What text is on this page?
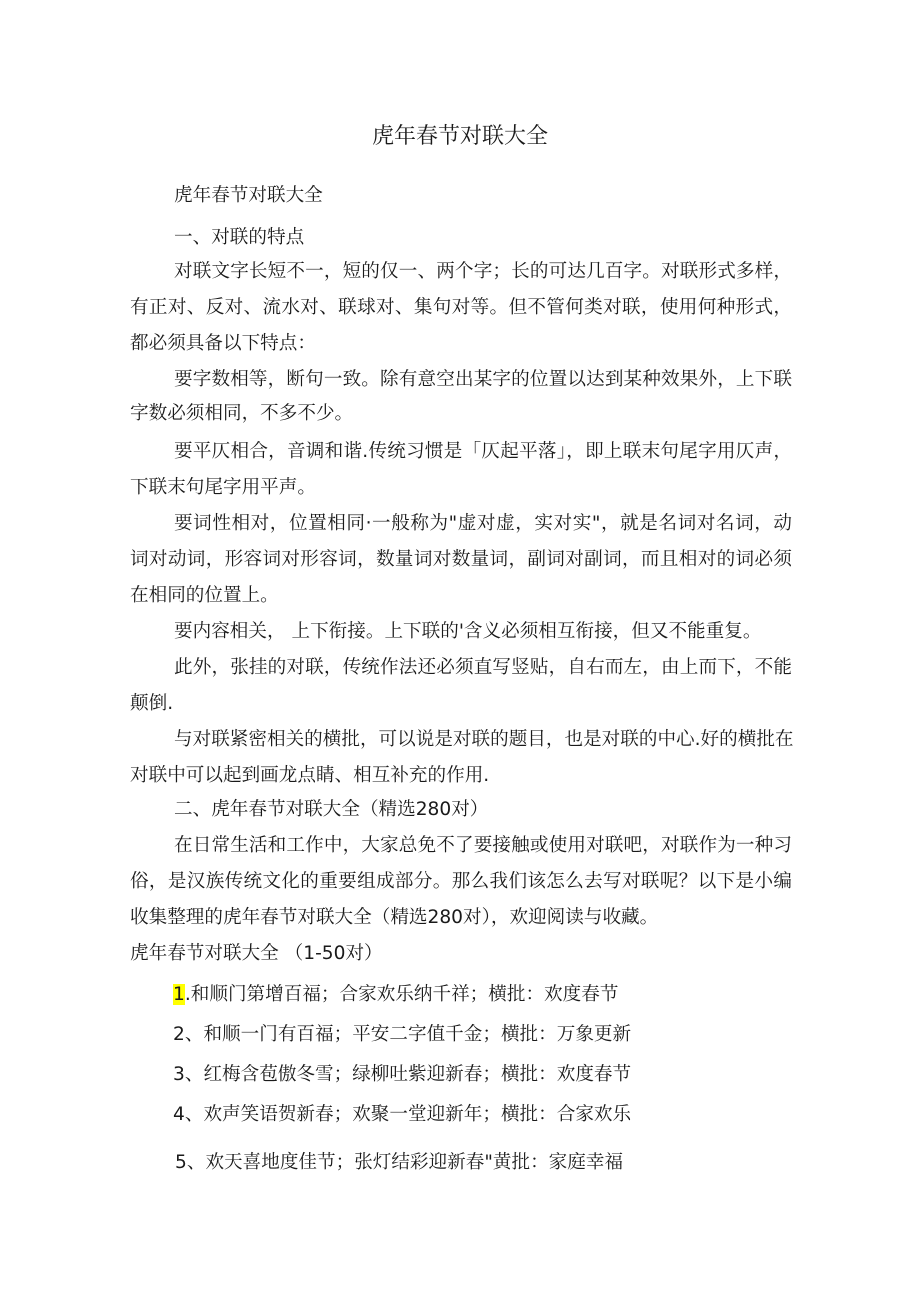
虎年春节对联大全
虎年春节对联大全
一、对联的特点
对联文字长短不一，短的仅一、两个字；长的可达几百字。对联形式多样，
有正对、反对、流水对、联球对、集句对等。但不管何类对联，使用何种形式，
都必须具备以下特点：
要字数相等，断句一致。除有意空出某字的位置以达到某种效果外，上下联
字数必须相同，不多不少。
要平仄相合，音调和谐.传统习惯是「仄起平落」，即上联末句尾字用仄声，
下联末句尾字用平声。
要词性相对，位置相同·一般称为"虚对虚，实对实"，就是名词对名词，动
词对动词，形容词对形容词，数量词对数量词，副词对副词，而且相对的词必须
在相同的位置上。
要内容相关， 上下衔接。上下联的'含义必须相互衔接，但又不能重复。
此外，张挂的对联，传统作法还必须直写竖贴，自右而左，由上而下，不能
颠倒.
与对联紧密相关的横批，可以说是对联的题目，也是对联的中心.好的横批在
对联中可以起到画龙点睛、相互补充的作用.
二、虎年春节对联大全（精选280对）
在日常生活和工作中，大家总免不了要接触或使用对联吧，对联作为一种习
俗，是汉族传统文化的重要组成部分。那么我们该怎么去写对联呢？以下是小编
收集整理的虎年春节对联大全（精选280对），欢迎阅读与收藏。
虎年春节对联大全 （1-50对）
1.和顺门第增百福；合家欢乐纳千祥；横批：欢度春节
2、和顺一门有百福；平安二字值千金；横批：万象更新
3、红梅含苞傲冬雪；绿柳吐紫迎新春；横批：欢度春节
4、欢声笑语贺新春；欢聚一堂迎新年；横批：合家欢乐
5、欢天喜地度佳节；张灯结彩迎新春"黄批：家庭幸福
